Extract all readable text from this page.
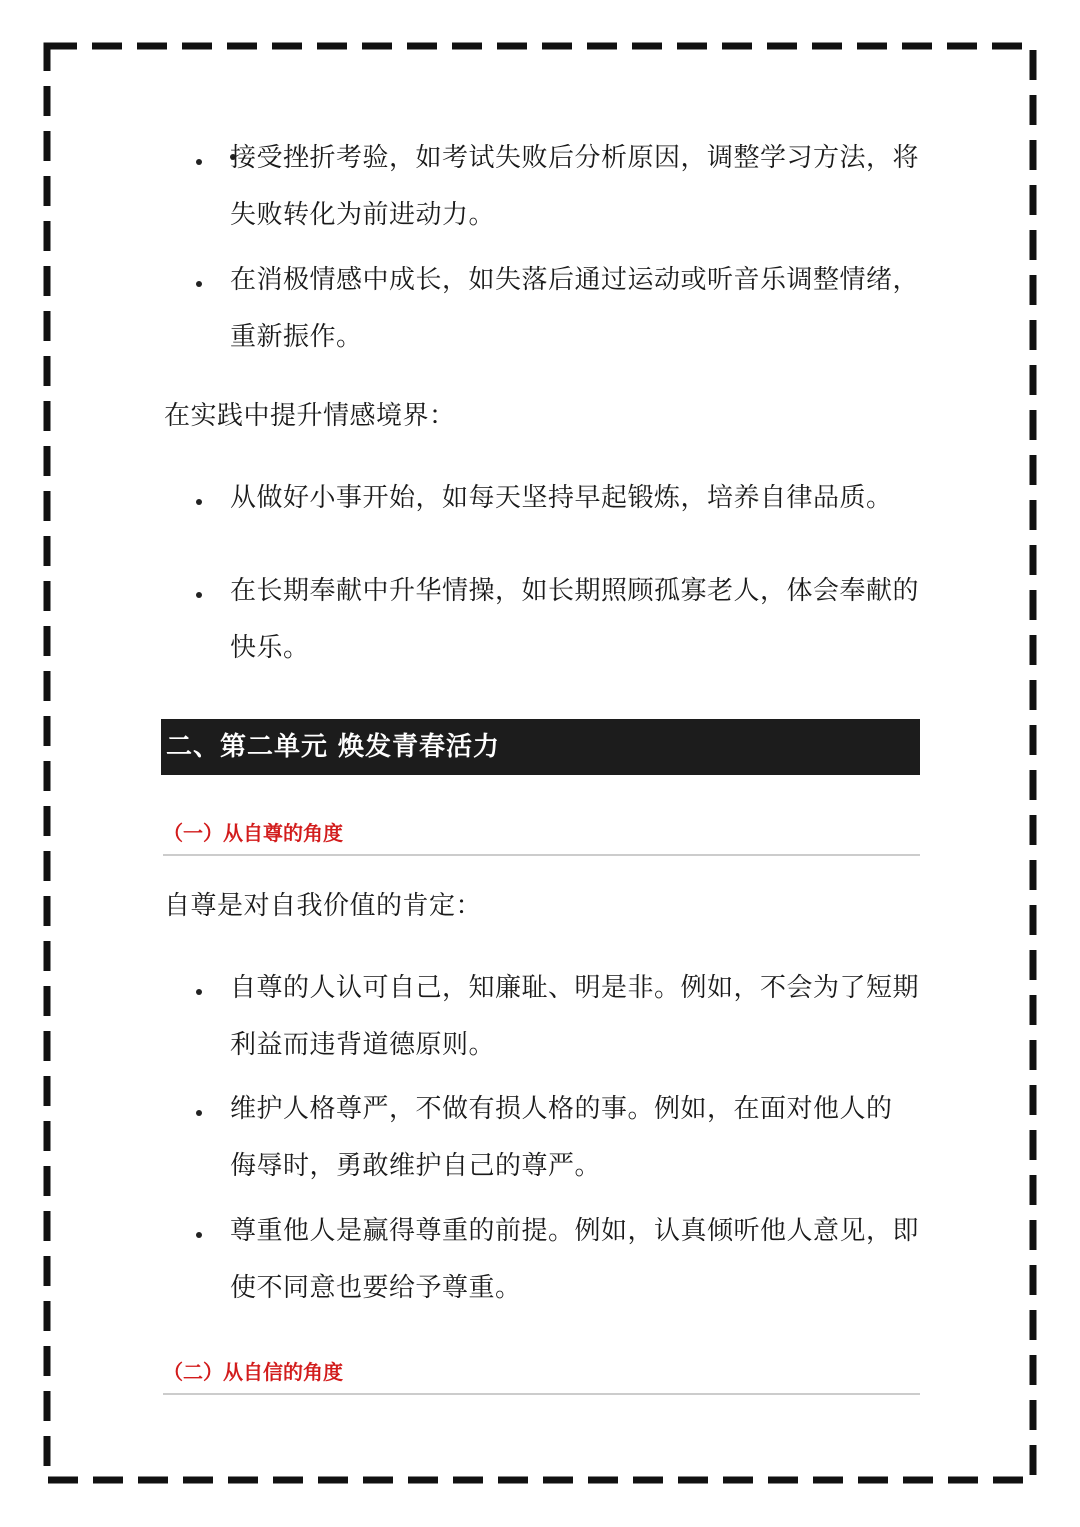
接受挫折考验，如考试失败后分析原因，调整学习方法，将失败转化为前进动力。
在消极情感中成长，如失落后通过运动或听音乐调整情绪，重新振作。
在实践中提升情感境界：
从做好小事开始，如每天坚持早起锻炼，培养自律品质。
在长期奉献中升华情操，如长期照顾孤寡老人，体会奉献的快乐。
二、第二单元 焕发青春活力
（一）从自尊的角度
自尊是对自我价值的肯定：
自尊的人认可自己，知廉耻、明是非。例如，不会为了短期利益而违背道德原则。
维护人格尊严，不做有损人格的事。例如，在面对他人的侮辱时，勇敢维护自己的尊严。
尊重他人是赢得尊重的前提。例如，认真倾听他人意见，即使不同意也要给予尊重。
（二）从自信的角度
